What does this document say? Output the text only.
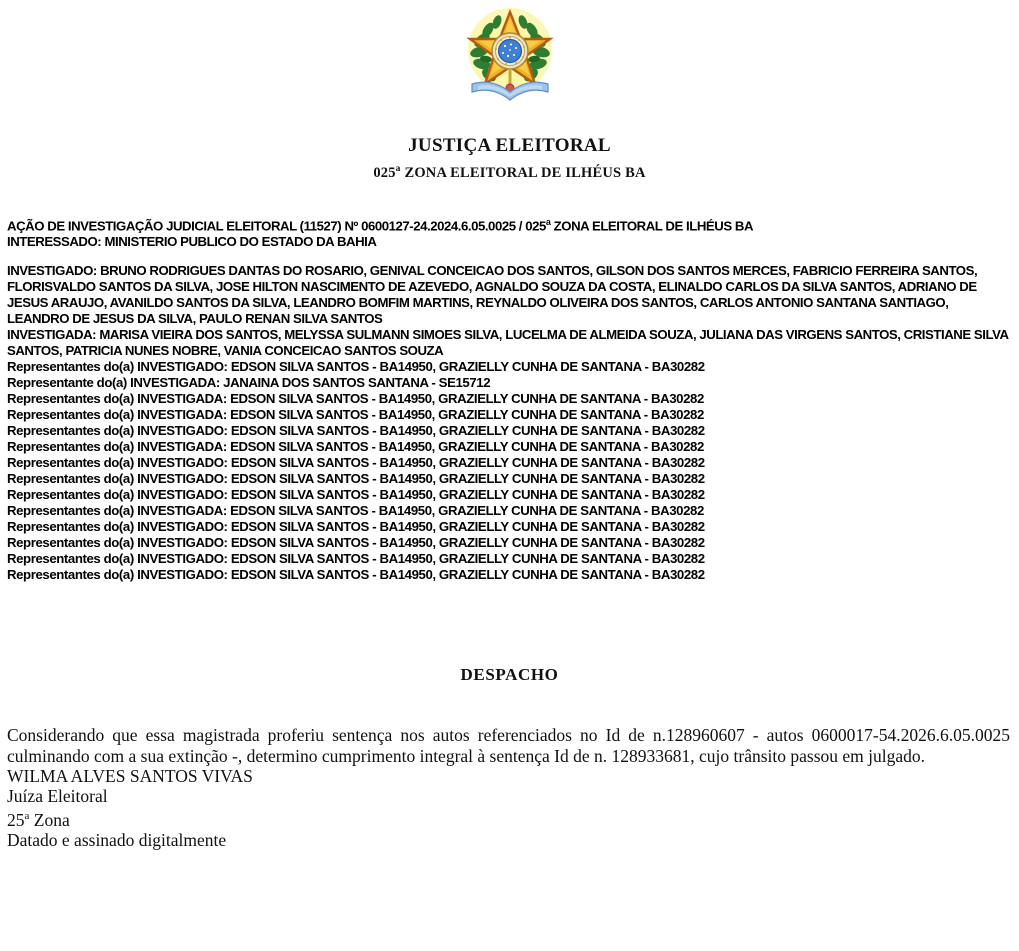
JUSTIÇA ELEITORAL
025$^a$ ZONA ELEITORAL DE ILHÉUS BA
AÇÃO DE INVESTIGAÇÃO JUDICIAL ELEITORAL (11527) Nº 0600127-24.2024.6.05.0025 / 025$^a$ ZONA ELEITORAL DE ILHÉUS BA
INTERESSADO: MINISTERIO PUBLICO DO ESTADO DA BAHIA
INVESTIGADO: BRUNO RODRIGUES DANTAS DO ROSARIO, GENIVAL CONCEICAO DOS SANTOS, GILSON DOS SANTOS MERCES, FABRICIO FERREIRA SANTOS, FLORISVALDO SANTOS DA SILVA, JOSE HILTON NASCIMENTO DE AZEVEDO, AGNALDO SOUZA DA COSTA, ELINALDO CARLOS DA SILVA SANTOS, ADRIANO DE JESUS ARAUJO, AVANILDO SANTOS DA SILVA, LEANDRO BOMFIM MARTINS, REYNALDO OLIVEIRA DOS SANTOS, CARLOS ANTONIO SANTANA SANTIAGO, LEANDRO DE JESUS DA SILVA, PAULO RENAN SILVA SANTOS
INVESTIGADA: MARISA VIEIRA DOS SANTOS, MELYSSA SULMANN SIMOES SILVA, LUCELMA DE ALMEIDA SOUZA, JULIANA DAS VIRGENS SANTOS, CRISTIANE SILVA SANTOS, PATRICIA NUNES NOBRE, VANIA CONCEICAO SANTOS SOUZA
Representantes do(a) INVESTIGADO: EDSON SILVA SANTOS - BA14950, GRAZIELLY CUNHA DE SANTANA - BA30282
Representante do(a) INVESTIGADA: JANAINA DOS SANTOS SANTANA - SE15712
Representantes do(a) INVESTIGADA: EDSON SILVA SANTOS - BA14950, GRAZIELLY CUNHA DE SANTANA - BA30282
Representantes do(a) INVESTIGADA: EDSON SILVA SANTOS - BA14950, GRAZIELLY CUNHA DE SANTANA - BA30282
Representantes do(a) INVESTIGADO: EDSON SILVA SANTOS - BA14950, GRAZIELLY CUNHA DE SANTANA - BA30282
Representantes do(a) INVESTIGADA: EDSON SILVA SANTOS - BA14950, GRAZIELLY CUNHA DE SANTANA - BA30282
Representantes do(a) INVESTIGADO: EDSON SILVA SANTOS - BA14950, GRAZIELLY CUNHA DE SANTANA - BA30282
Representantes do(a) INVESTIGADO: EDSON SILVA SANTOS - BA14950, GRAZIELLY CUNHA DE SANTANA - BA30282
Representantes do(a) INVESTIGADO: EDSON SILVA SANTOS - BA14950, GRAZIELLY CUNHA DE SANTANA - BA30282
Representantes do(a) INVESTIGADA: EDSON SILVA SANTOS - BA14950, GRAZIELLY CUNHA DE SANTANA - BA30282
Representantes do(a) INVESTIGADO: EDSON SILVA SANTOS - BA14950, GRAZIELLY CUNHA DE SANTANA - BA30282
Representantes do(a) INVESTIGADO: EDSON SILVA SANTOS - BA14950, GRAZIELLY CUNHA DE SANTANA - BA30282
Representantes do(a) INVESTIGADO: EDSON SILVA SANTOS - BA14950, GRAZIELLY CUNHA DE SANTANA - BA30282
Representantes do(a) INVESTIGADO: EDSON SILVA SANTOS - BA14950, GRAZIELLY CUNHA DE SANTANA - BA30282
DESPACHO

Considerando que essa magistrada proferiu sentença nos autos referenciados no Id de n.128960607 - autos 0600017-54.2026.6.05.0025 culminando com a sua extinção -, determino cumprimento integral à sentença Id de n. 128933681, cujo trânsito passou em julgado.

WILMA ALVES SANTOS VIVAS
Juíza Eleitoral
25$^a$ Zona
Datado e assinado digitalmente
